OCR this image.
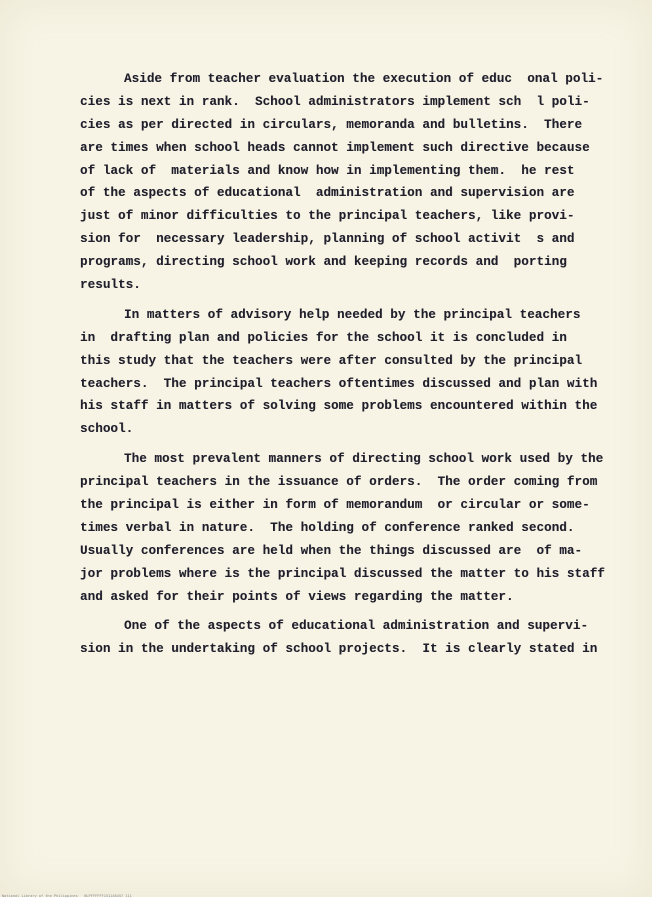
Aside from teacher evaluation the execution of educ  onal poli-
cies is next in rank.  School administrators implement sch  l poli-
cies as per directed in circulars, memoranda and bulletins.  There
are times when school heads cannot implement such directive because
of lack of  materials and know how in implementing them.  he rest
of the aspects of educational  administration and supervision are
just of minor difficulties to the principal teachers, like provi-
sion for  necessary leadership, planning of school activit  s and
programs, directing school work and keeping records and  porting
results.
In matters of advisory help needed by the principal teachers
in  drafting plan and policies for the school it is concluded in
this study that the teachers were after consulted by the principal
teachers.  The principal teachers oftentimes discussed and plan with
his staff in matters of solving some problems encountered within the
school.
The most prevalent manners of directing school work used by the
principal teachers in the issuance of orders.  The order coming from
the principal is either in form of memorandum  or circular or some-
times verbal in nature.  The holding of conference ranked second.
Usually conferences are held when the things discussed are  of ma-
jor problems where is the principal discussed the matter to his staff
and asked for their points of views regarding the matter.
One of the aspects of educational administration and supervi-
sion in the undertaking of school projects.  It is clearly stated in
National Library of the Philippines   NLPFFFFFF151148457 111
